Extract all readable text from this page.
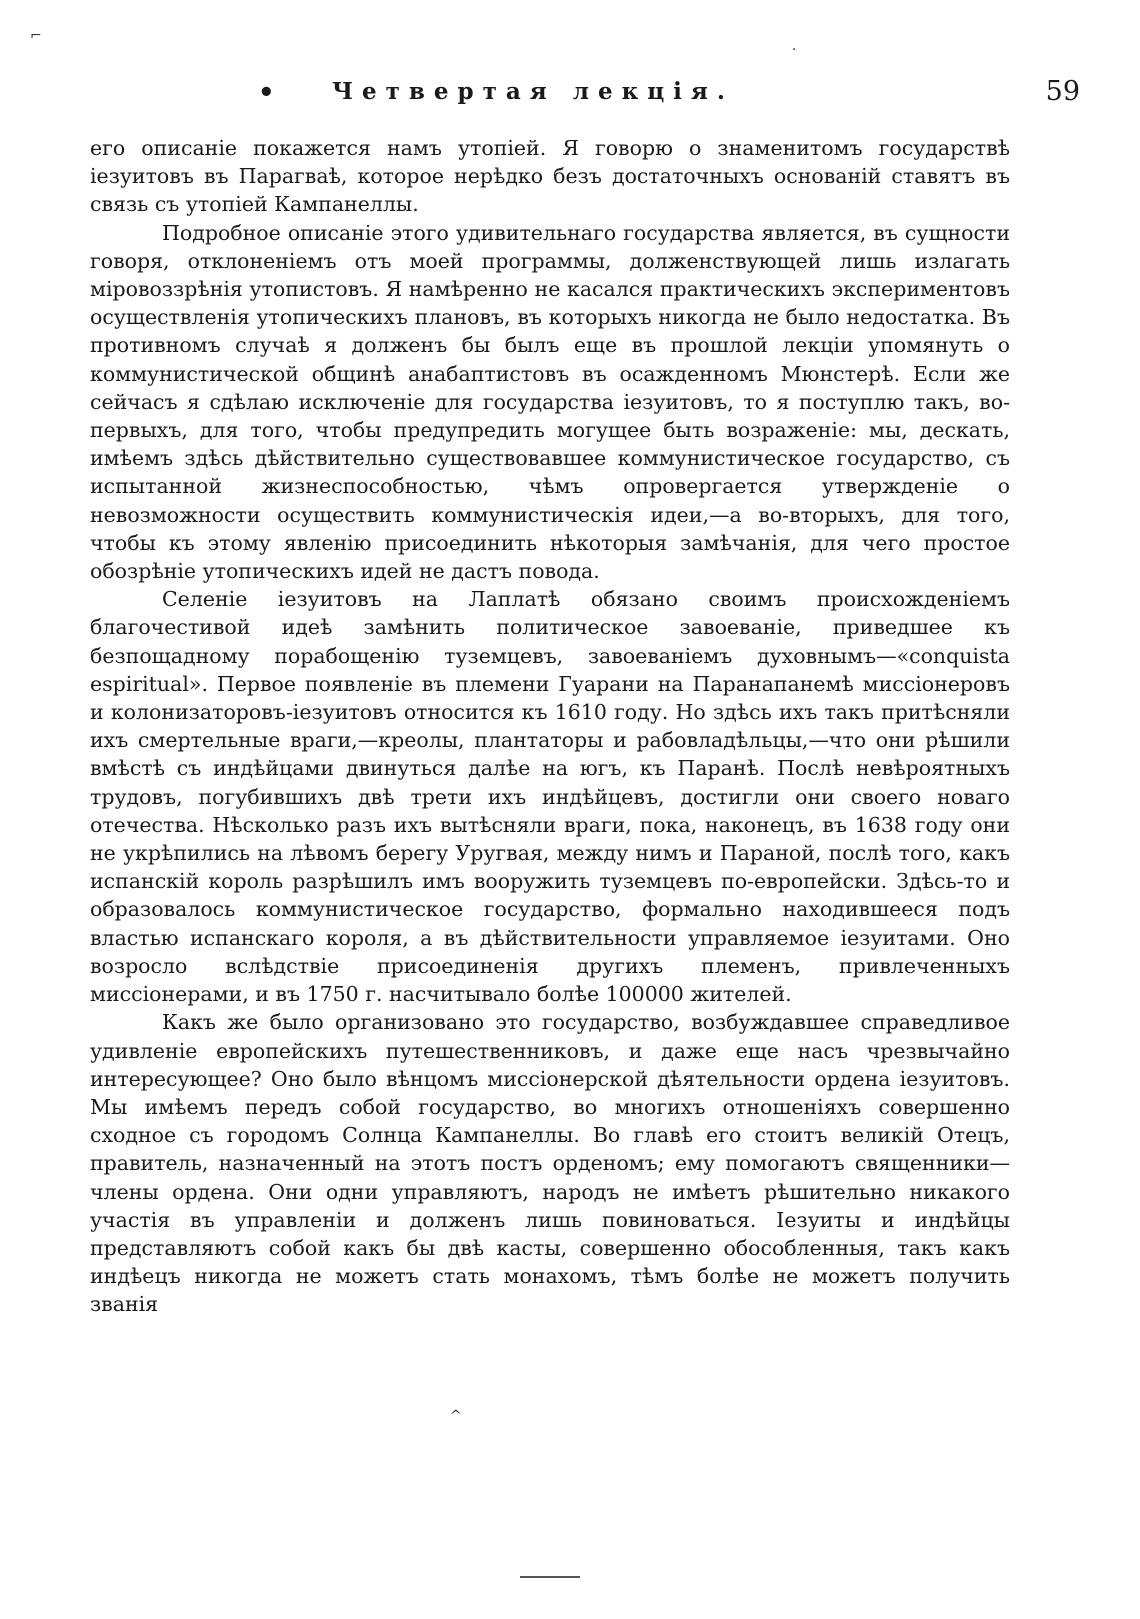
⌐
·
• Четвертая лекція.	59

его описаніе покажется намъ утопіей. Я говорю о знаменитомъ государствѣ іезуитовъ въ Парагваѣ, которое нерѣдко безъ достаточныхъ основаній ставятъ въ связь съ утопіей Кампанеллы.

Подробное описаніе этого удивительнаго государства является, въ сущности говоря, отклоненіемъ отъ моей программы, долженствующей лишь излагать міровоззрѣнія утопистовъ. Я намѣренно не касался практическихъ экспериментовъ осуществленія утопическихъ плановъ, въ которыхъ никогда не было недостатка. Въ противномъ случаѣ я долженъ бы былъ еще въ прошлой лекціи упомянуть о коммунистической общинѣ анабаптистовъ въ осажденномъ Мюнстерѣ. Если же сейчасъ я сдѣлаю исключеніе для государства іезуитовъ, то я поступлю такъ, во-первыхъ, для того, чтобы предупредить могущее быть возраженіе: мы, дескать, имѣемъ здѣсь дѣйствительно существовавшее коммунистическое государство, съ испытанной жизнеспособностью, чѣмъ опровергается утвержденіе о невозможности осуществить коммунистическія идеи,—а во-вторыхъ, для того, чтобы къ этому явленію присоединить нѣкоторыя замѣчанія, для чего простое обозрѣніе утопическихъ идей не дастъ повода.

Селеніе іезуитовъ на Лаплатѣ обязано своимъ происхожденіемъ благочестивой идеѣ замѣнить политическое завоеваніе, приведшее къ безпощадному порабощенію туземцевъ, завоеваніемъ духовнымъ—«conquista espiritual». Первое появленіе въ племени Гуарани на Паранапанемѣ миссіонеровъ и колонизаторовъ-іезуитовъ относится къ 1610 году. Но здѣсь ихъ такъ притѣсняли ихъ смертельные враги,—креолы, плантаторы и рабовладѣльцы,—что они рѣшили вмѣстѣ съ индѣйцами двинуться далѣе на югъ, къ Паранѣ. Послѣ невѣроятныхъ трудовъ, погубившихъ двѣ трети ихъ индѣйцевъ, достигли они своего новаго отечества. Нѣсколько разъ ихъ вытѣсняли враги, пока, наконецъ, въ 1638 году они не укрѣпились на лѣвомъ берегу Уругвая, между нимъ и Параной, послѣ того, какъ испанскій король разрѣшилъ имъ вооружить туземцевъ по-европейски. Здѣсь-то и образовалось коммунистическое государство, формально находившееся подъ властью испанскаго короля, а въ дѣйствительности управляемое іезуитами. Оно возросло вслѣдствіе присоединенія другихъ племенъ, привлеченныхъ миссіонерами, и въ 1750 г. насчитывало болѣе 100000 жителей.

Какъ же было организовано это государство, возбуждавшее справедливое удивленіе европейскихъ путешественниковъ, и даже еще насъ чрезвычайно интересующее? Оно было вѣнцомъ миссіонерской дѣятельности ордена іезуитовъ. Мы имѣемъ передъ собой государство, во многихъ отношеніяхъ совершенно сходное съ городомъ Солнца Кампанеллы. Во главѣ его стоитъ великій Отецъ, правитель, назначенный на этотъ постъ орденомъ; ему помогаютъ священники—члены ордена. Они одни управляютъ, народъ не имѣетъ рѣшительно никакого участія въ управленіи и долженъ лишь повиноваться. Іезуиты и индѣйцы представляютъ собой какъ бы двѣ касты, совершенно обособленныя, такъ какъ индѣецъ никогда не можетъ стать монахомъ, тѣмъ болѣе не можетъ получить званія

^
